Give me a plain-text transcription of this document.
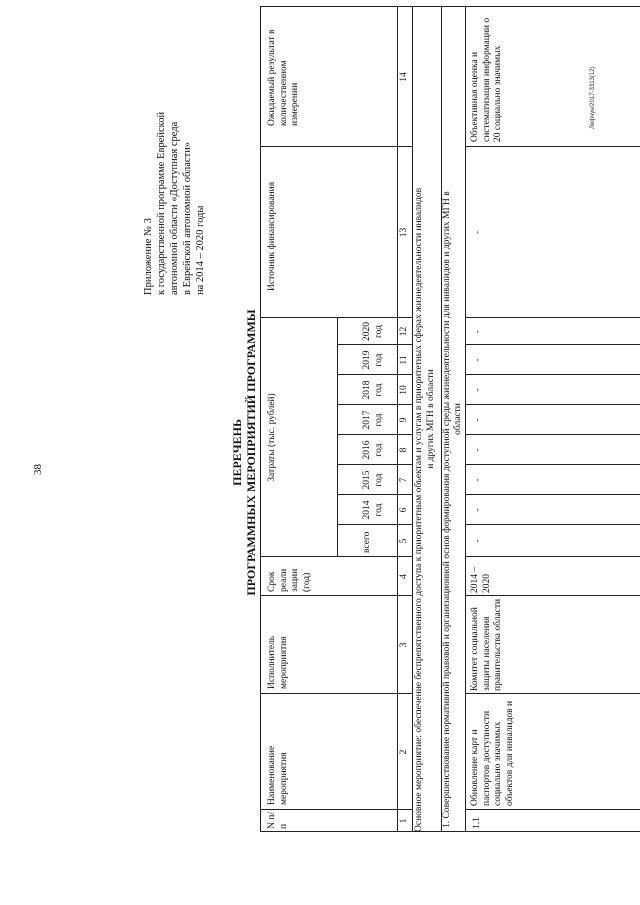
38
Приложение № 3 к государственной программе Еврейской автономной области «Доступная среда в Еврейской автономной области» на 2014 – 2020 годы
ПЕРЕЧЕНЬ ПРОГРАММНЫХ МЕРОПРИЯТИЙ ПРОГРАММЫ
N п/п
Наименование мероприятия
Исполнитель мероприятия
Срок реали зации (год)
Затраты (тыс. рублей)
всего
2014 год
2015 год
2016 год
2017 год
2018 год
2019 год
2020 год
Источник финансирования
Ожидаемый результат в количественном измерении
1
2
3
4
5
6
7
8
9
10
11
12
13
14
Основное мероприятие: обеспечение беспрепятственного доступа к приоритетным объектам и услугам в приоритетных сферах жизнедеятельности инвалидов и других МГН в области 1. Совершенствование нормативной правовой и организационной основ формирования доступной среды жизнедеятельности для инвалидов и других МГН в области
1.1
Обновление карт и паспортов доступности социально значимых объектов для инвалидов и
Комитет социальной защиты населения правительства области
2014 – 2020
-
-
-
-
-
-
-
-
-
Объективная оценка и систематизация информации о 20 социально значимых	Лефчун/2017-3313(12)
